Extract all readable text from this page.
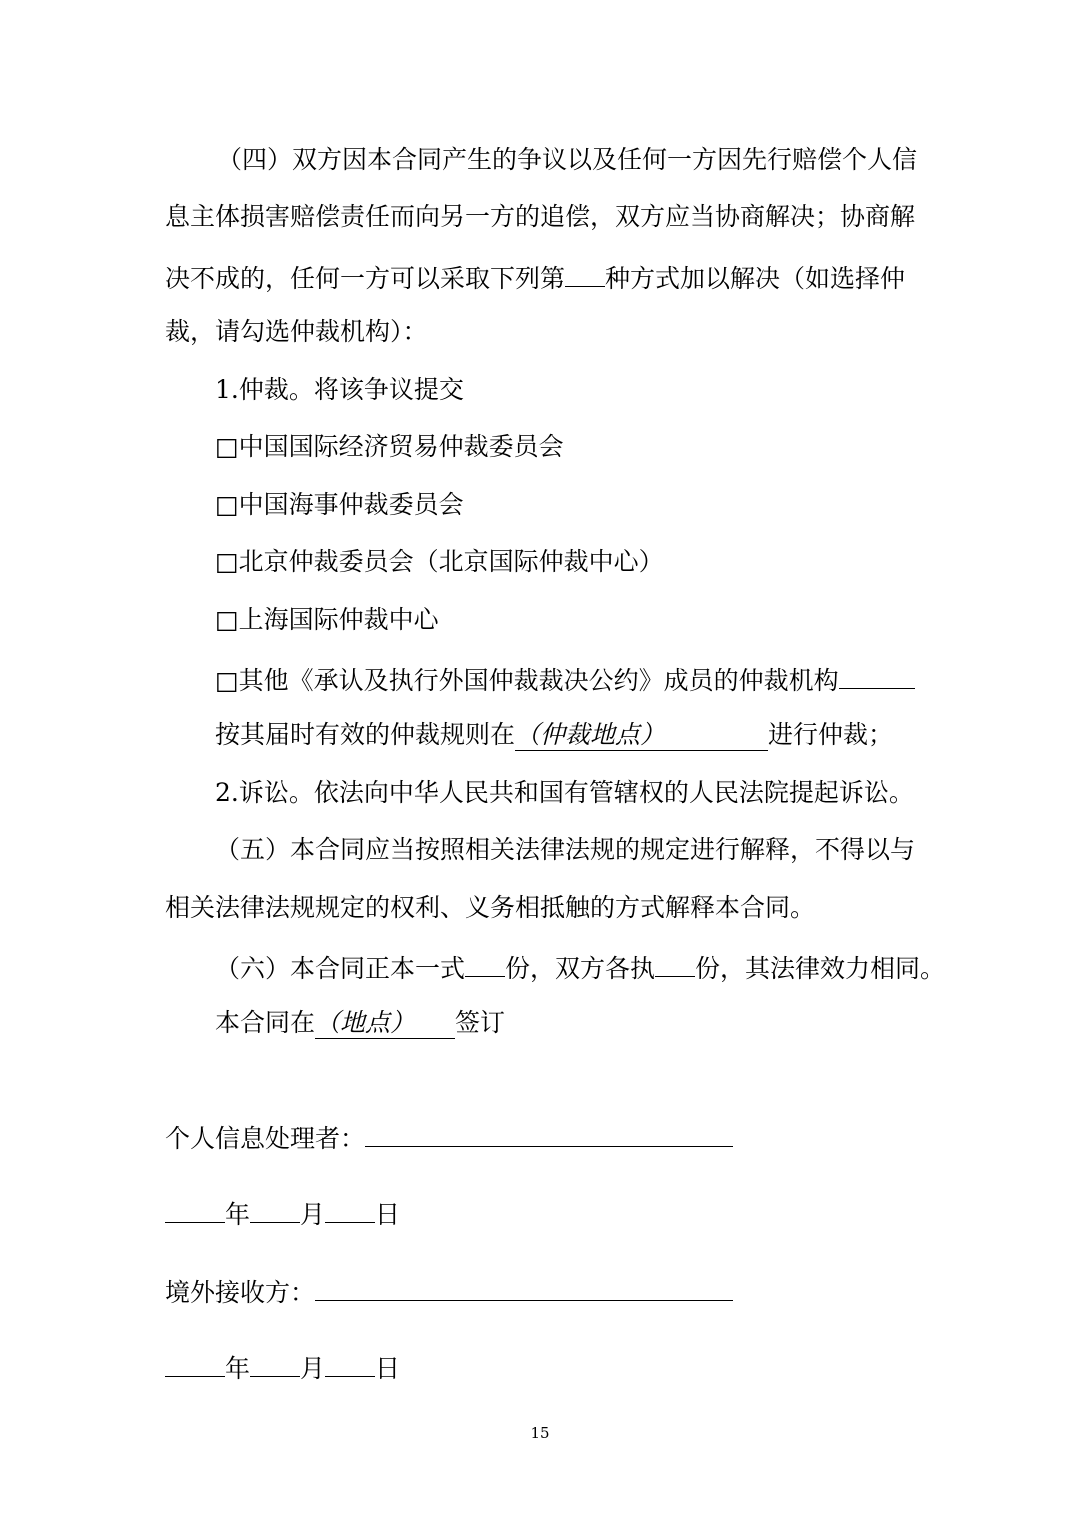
（四）双方因本合同产生的争议以及任何一方因先行赔偿个人信
息主体损害赔偿责任而向另一方的追偿，双方应当协商解决；协商解
决不成的，任何一方可以采取下列第 种方式加以解决（如选择仲
裁，请勾选仲裁机构）：
1.仲裁。将该争议提交
□中国国际经济贸易仲裁委员会
□中国海事仲裁委员会
□北京仲裁委员会（北京国际仲裁中心）
□上海国际仲裁中心
□其他《承认及执行外国仲裁裁决公约》成员的仲裁机构
按其届时有效的仲裁规则在（仲裁地点）	进行仲裁；
2.诉讼。依法向中华人民共和国有管辖权的人民法院提起诉讼。
（五）本合同应当按照相关法律法规的规定进行解释，不得以与
相关法律法规规定的权利、义务相抵触的方式解释本合同。
（六）本合同正本一式 份，双方各执 份，其法律效力相同。
本合同在（地点） 签订
个人信息处理者：
年 月 日
境外接收方：
年 月 日
15
